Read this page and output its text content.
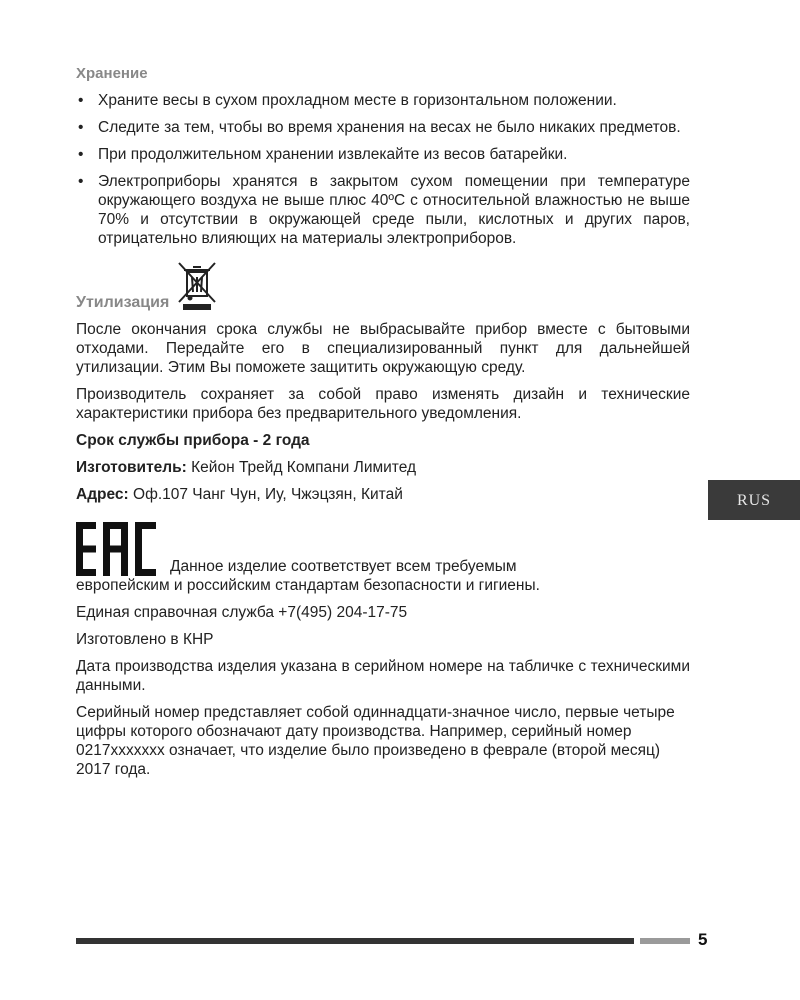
Хранение
• Храните весы в сухом прохладном месте в горизонтальном положении.
• Следите за тем, чтобы во время хранения на весах не было никаких предметов.
• При продолжительном хранении извлекайте из весов батарейки.
• Электроприборы хранятся в закрытом сухом помещении при температуре окружающего воздуха не выше плюс 40ºС с относительной влажностью не выше 70% и отсутствии в окружающей среде пыли, кислотных и других паров, отрицательно влияющих на материалы электроприборов.
Утилизация

После окончания срока службы не выбрасывайте прибор вместе с бытовыми отходами. Передайте его в специализированный пункт для дальнейшей утилизации. Этим Вы поможете защитить окружающую среду.

Производитель сохраняет за собой право изменять дизайн и технические характеристики прибора без предварительного уведомления.

Срок службы прибора - 2 года

Изготовитель: Кейон Трейд Компани Лимитед

Адрес: Оф.107 Чанг Чун, Иу, Чжэцзян, Китай

Данное изделие соответствует всем требуемым
европейским и российским стандартам безопасности и гигиены.

Единая справочная служба +7(495) 204-17-75

Изготовлено в КНР

Дата производства изделия указана в серийном номере на табличке с техническими данными.

Серийный номер представляет собой одиннадцати-значное число, первые четыре цифры которого обозначают дату производства. Например, серийный номер 0217ххххххх означает, что изделие было произведено в феврале (второй месяц) 2017 года.

RUS
5
